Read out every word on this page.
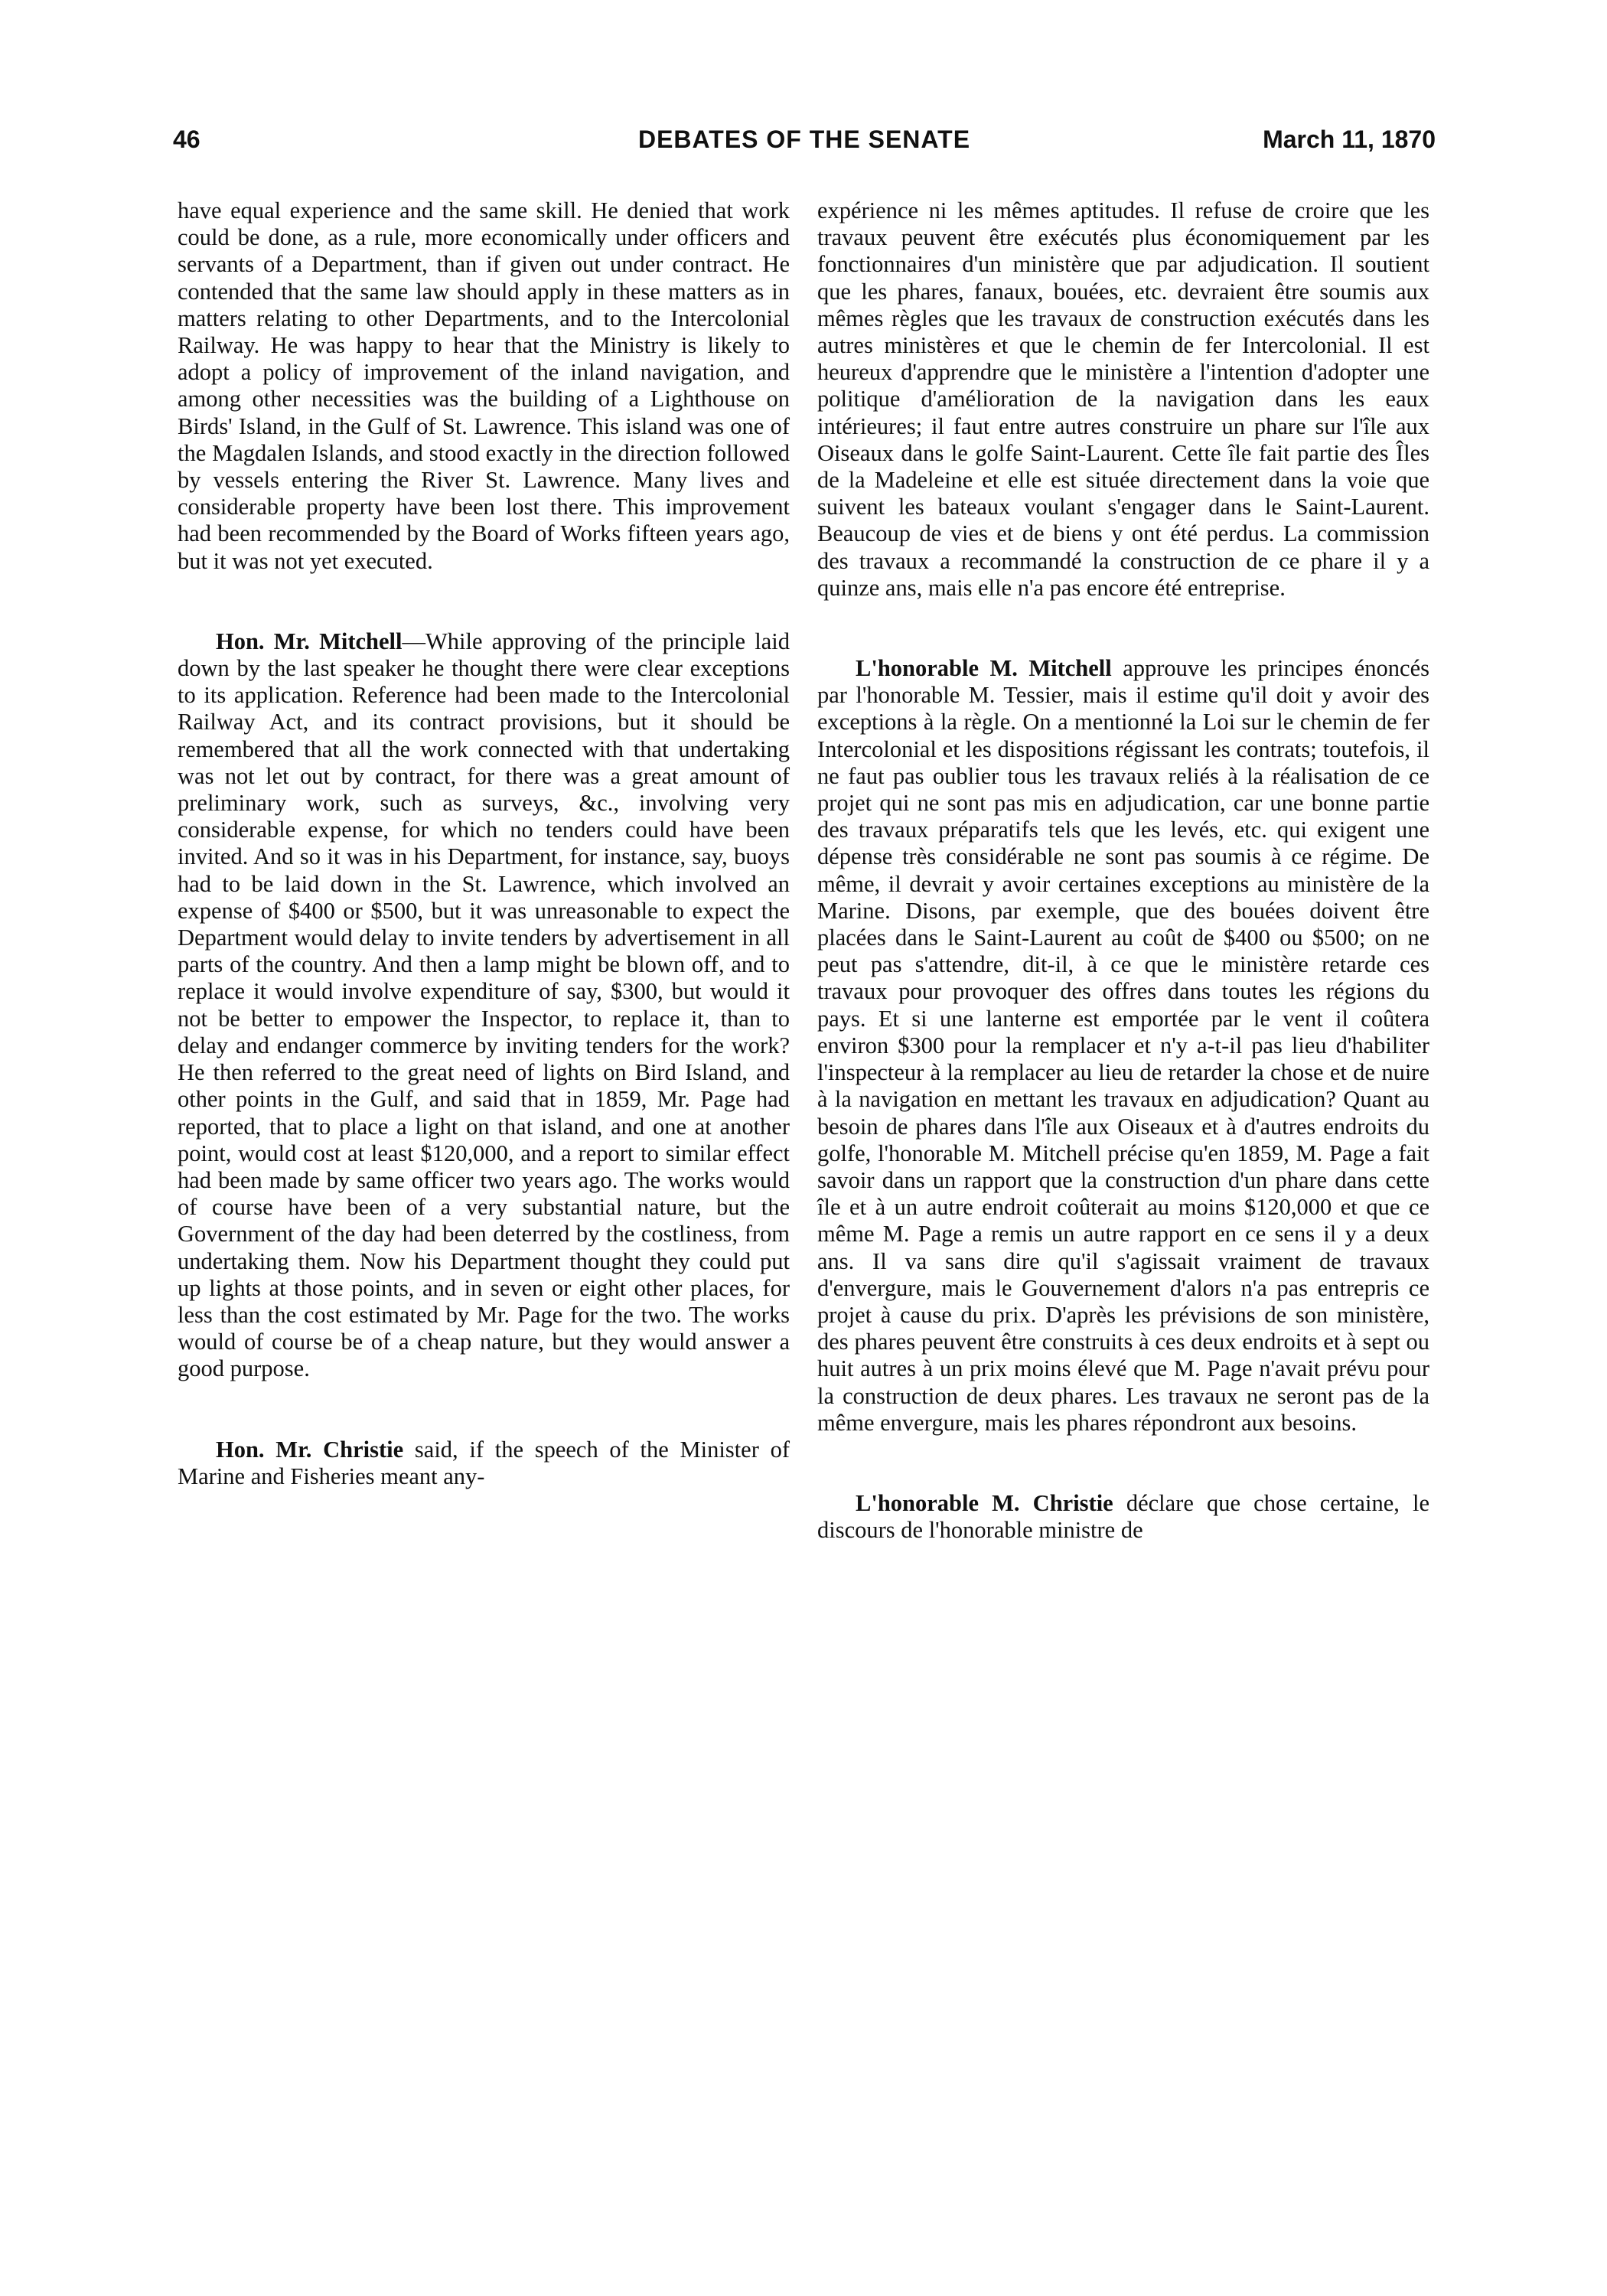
46	DEBATES OF THE SENATE	March 11, 1870

have equal experience and the same skill. He denied that work could be done, as a rule, more economically under officers and servants of a Department, than if given out under contract. He contended that the same law should apply in these matters as in matters relating to other Departments, and to the Intercolonial Railway. He was happy to hear that the Ministry is likely to adopt a policy of improvement of the inland navigation, and among other necessities was the building of a Lighthouse on Birds' Island, in the Gulf of St. Lawrence. This island was one of the Magdalen Islands, and stood exactly in the direction followed by vessels entering the River St. Lawrence. Many lives and considerable property have been lost there. This improvement had been recommended by the Board of Works fifteen years ago, but it was not yet executed.

Hon. Mr. Mitchell—While approving of the principle laid down by the last speaker he thought there were clear exceptions to its application. Reference had been made to the Intercolonial Railway Act, and its contract provisions, but it should be remembered that all the work connected with that undertaking was not let out by contract, for there was a great amount of preliminary work, such as surveys, &c., involving very considerable expense, for which no tenders could have been invited. And so it was in his Department, for instance, say, buoys had to be laid down in the St. Lawrence, which involved an expense of $400 or $500, but it was unreasonable to expect the Department would delay to invite tenders by advertisement in all parts of the country. And then a lamp might be blown off, and to replace it would involve expenditure of say, $300, but would it not be better to empower the Inspector, to replace it, than to delay and endanger commerce by inviting tenders for the work? He then referred to the great need of lights on Bird Island, and other points in the Gulf, and said that in 1859, Mr. Page had reported, that to place a light on that island, and one at another point, would cost at least $120,000, and a report to similar effect had been made by same officer two years ago. The works would of course have been of a very substantial nature, but the Government of the day had been deterred by the costliness, from undertaking them. Now his Department thought they could put up lights at those points, and in seven or eight other places, for less than the cost estimated by Mr. Page for the two. The works would of course be of a cheap nature, but they would answer a good purpose.

Hon. Mr. Christie said, if the speech of the Minister of Marine and Fisheries meant any-

expérience ni les mêmes aptitudes. Il refuse de croire que les travaux peuvent être exécutés plus économiquement par les fonctionnaires d'un ministère que par adjudication. Il soutient que les phares, fanaux, bouées, etc. devraient être soumis aux mêmes règles que les travaux de construction exécutés dans les autres ministères et que le chemin de fer Intercolonial. Il est heureux d'apprendre que le ministère a l'intention d'adopter une politique d'amélioration de la navigation dans les eaux intérieures; il faut entre autres construire un phare sur l'île aux Oiseaux dans le golfe Saint-Laurent. Cette île fait partie des Îles de la Madeleine et elle est située directement dans la voie que suivent les bateaux voulant s'engager dans le Saint-Laurent. Beaucoup de vies et de biens y ont été perdus. La commission des travaux a recommandé la construction de ce phare il y a quinze ans, mais elle n'a pas encore été entreprise.

L'honorable M. Mitchell approuve les principes énoncés par l'honorable M. Tessier, mais il estime qu'il doit y avoir des exceptions à la règle. On a mentionné la Loi sur le chemin de fer Intercolonial et les dispositions régissant les contrats; toutefois, il ne faut pas oublier tous les travaux reliés à la réalisation de ce projet qui ne sont pas mis en adjudication, car une bonne partie des travaux préparatifs tels que les levés, etc. qui exigent une dépense très considérable ne sont pas soumis à ce régime. De même, il devrait y avoir certaines exceptions au ministère de la Marine. Disons, par exemple, que des bouées doivent être placées dans le Saint-Laurent au coût de $400 ou $500; on ne peut pas s'attendre, dit-il, à ce que le ministère retarde ces travaux pour provoquer des offres dans toutes les régions du pays. Et si une lanterne est emportée par le vent il coûtera environ $300 pour la remplacer et n'y a-t-il pas lieu d'habiliter l'inspecteur à la remplacer au lieu de retarder la chose et de nuire à la navigation en mettant les travaux en adjudication? Quant au besoin de phares dans l'île aux Oiseaux et à d'autres endroits du golfe, l'honorable M. Mitchell précise qu'en 1859, M. Page a fait savoir dans un rapport que la construction d'un phare dans cette île et à un autre endroit coûterait au moins $120,000 et que ce même M. Page a remis un autre rapport en ce sens il y a deux ans. Il va sans dire qu'il s'agissait vraiment de travaux d'envergure, mais le Gouvernement d'alors n'a pas entrepris ce projet à cause du prix. D'après les prévisions de son ministère, des phares peuvent être construits à ces deux endroits et à sept ou huit autres à un prix moins élevé que M. Page n'avait prévu pour la construction de deux phares. Les travaux ne seront pas de la même envergure, mais les phares répondront aux besoins.

L'honorable M. Christie déclare que chose certaine, le discours de l'honorable ministre de
